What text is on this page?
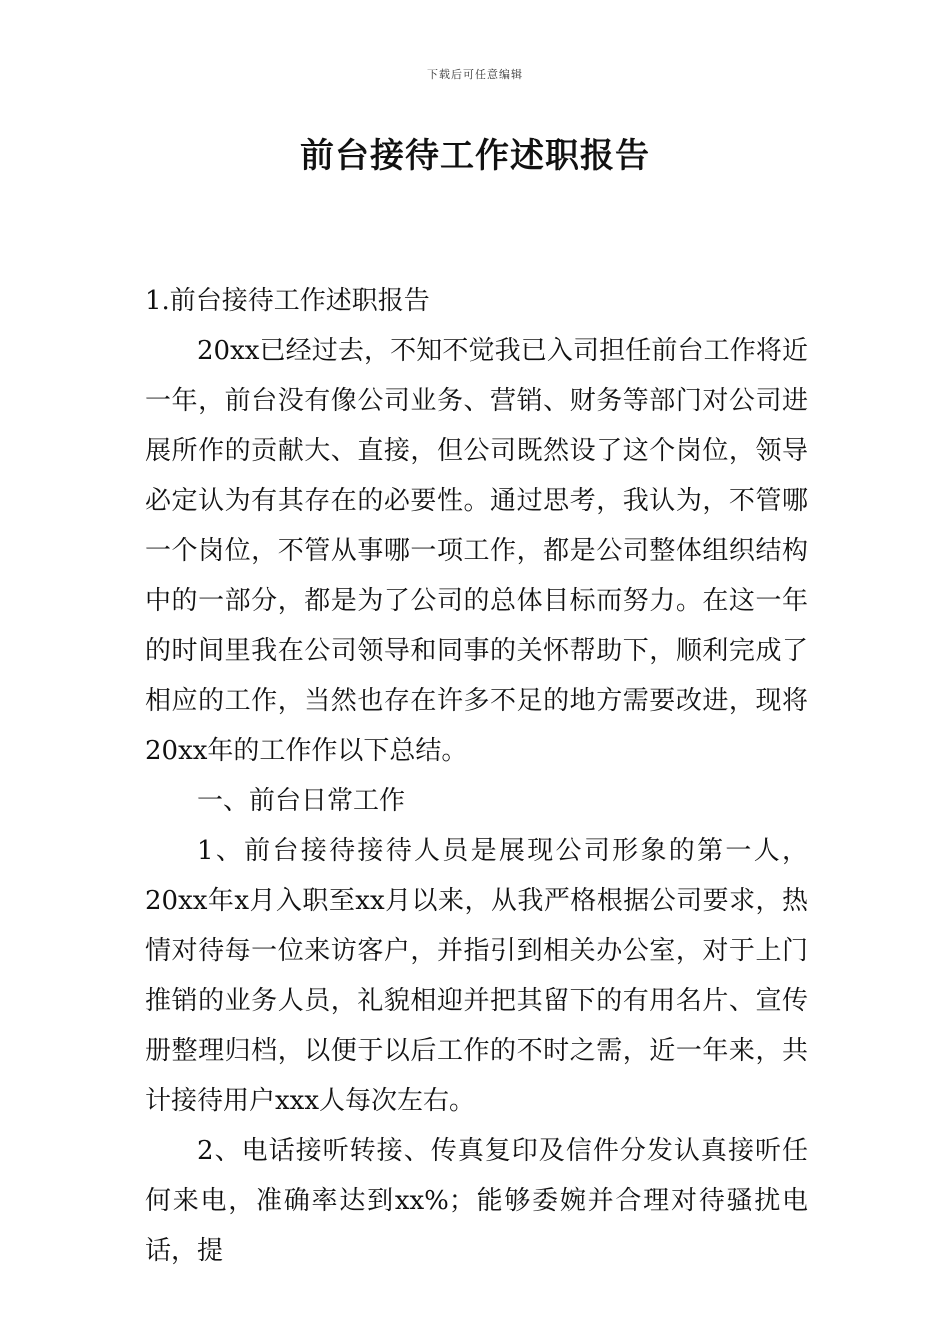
下载后可任意编辑
前台接待工作述职报告

1.前台接待工作述职报告

20xx已经过去，不知不觉我已入司担任前台工作将近一年，前台没有像公司业务、营销、财务等部门对公司进展所作的贡献大、直接，但公司既然设了这个岗位，领导必定认为有其存在的必要性。通过思考，我认为，不管哪一个岗位，不管从事哪一项工作，都是公司整体组织结构中的一部分，都是为了公司的总体目标而努力。在这一年的时间里我在公司领导和同事的关怀帮助下，顺利完成了相应的工作，当然也存在许多不足的地方需要改进，现将20xx年的工作作以下总结。

一、前台日常工作

1、前台接待接待人员是展现公司形象的第一人，20xx年x月入职至xx月以来，从我严格根据公司要求，热情对待每一位来访客户，并指引到相关办公室，对于上门推销的业务人员，礼貌相迎并把其留下的有用名片、宣传册整理归档，以便于以后工作的不时之需，近一年来，共计接待用户xxx人每次左右。

2、电话接听转接、传真复印及信件分发认真接听任何来电，准确率达到xx%；能够委婉并合理对待骚扰电话，提
